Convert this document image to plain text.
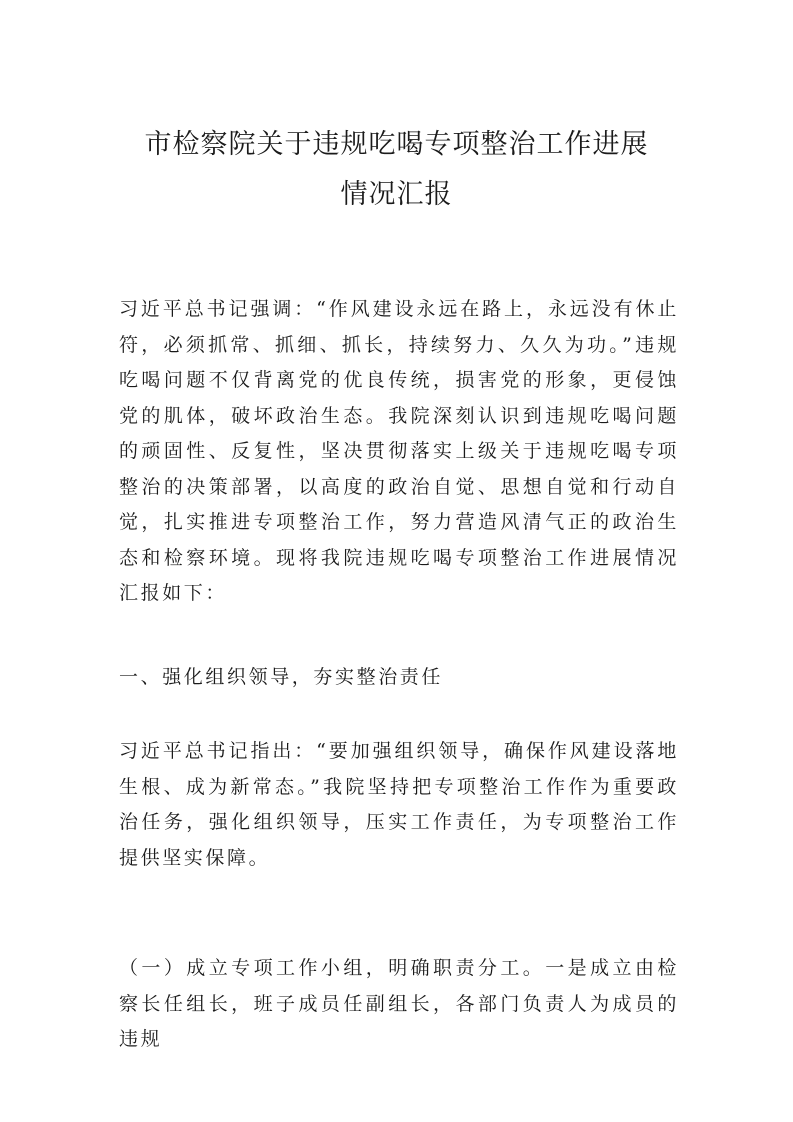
市检察院关于违规吃喝专项整治工作进展
情况汇报

习近平总书记强调：“作风建设永远在路上，永远没有休止符，必须抓常、抓细、抓长，持续努力、久久为功。”违规吃喝问题不仅背离党的优良传统，损害党的形象，更侵蚀党的肌体，破坏政治生态。我院深刻认识到违规吃喝问题的顽固性、反复性，坚决贯彻落实上级关于违规吃喝专项整治的决策部署，以高度的政治自觉、思想自觉和行动自觉，扎实推进专项整治工作，努力营造风清气正的政治生态和检察环境。现将我院违规吃喝专项整治工作进展情况汇报如下：

一、强化组织领导，夯实整治责任

习近平总书记指出：“要加强组织领导，确保作风建设落地生根、成为新常态。”我院坚持把专项整治工作作为重要政治任务，强化组织领导，压实工作责任，为专项整治工作提供坚实保障。

（一）成立专项工作小组，明确职责分工。一是成立由检察长任组长，班子成员任副组长，各部门负责人为成员的违规
